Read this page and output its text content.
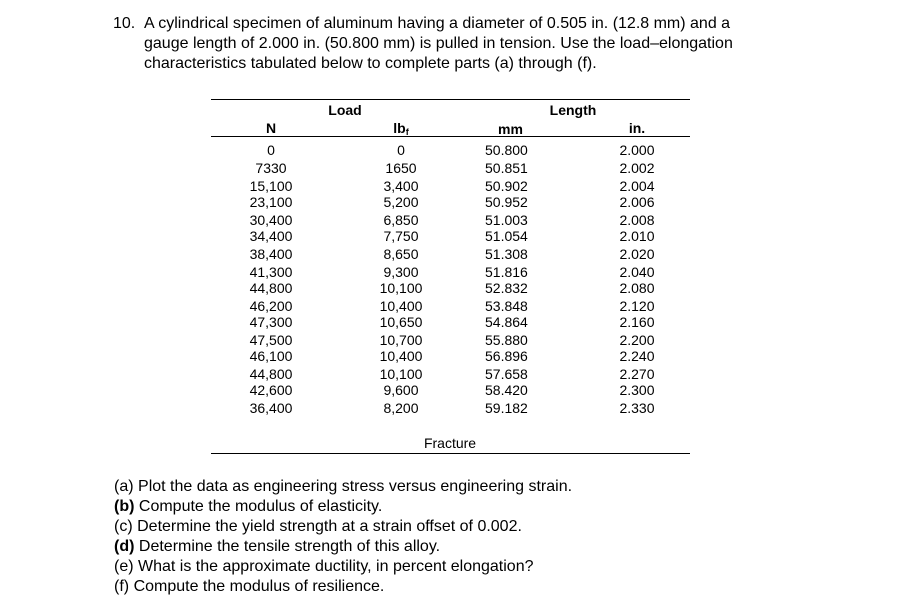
10. A cylindrical specimen of aluminum having a diameter of 0.505 in. (12.8 mm) and a
gauge length of 2.000 in. (50.800 mm) is pulled in tension. Use the load–elongation
characteristics tabulated below to complete parts (a) through (f).
Load	Length
N	$lb_f$	mm	in.
0	0	50.800	2.000
7330	1650	50.851	2.002
15,100	3,400	50.902	2.004
23,100	5,200	50.952	2.006
30,400	6,850	51.003	2.008
34,400	7,750	51.054	2.010
38,400	8,650	51.308	2.020
41,300	9,300	51.816	2.040
44,800	10,100	52.832	2.080
46,200	10,400	53.848	2.120
47,300	10,650	54.864	2.160
47,500	10,700	55.880	2.200
46,100	10,400	56.896	2.240
44,800	10,100	57.658	2.270
42,600	9,600	58.420	2.300
36,400	8,200	59.182	2.330
Fracture
(a) Plot the data as engineering stress versus engineering strain.
(b) Compute the modulus of elasticity.
(c) Determine the yield strength at a strain offset of 0.002.
(d) Determine the tensile strength of this alloy.
(e) What is the approximate ductility, in percent elongation?
(f) Compute the modulus of resilience.
